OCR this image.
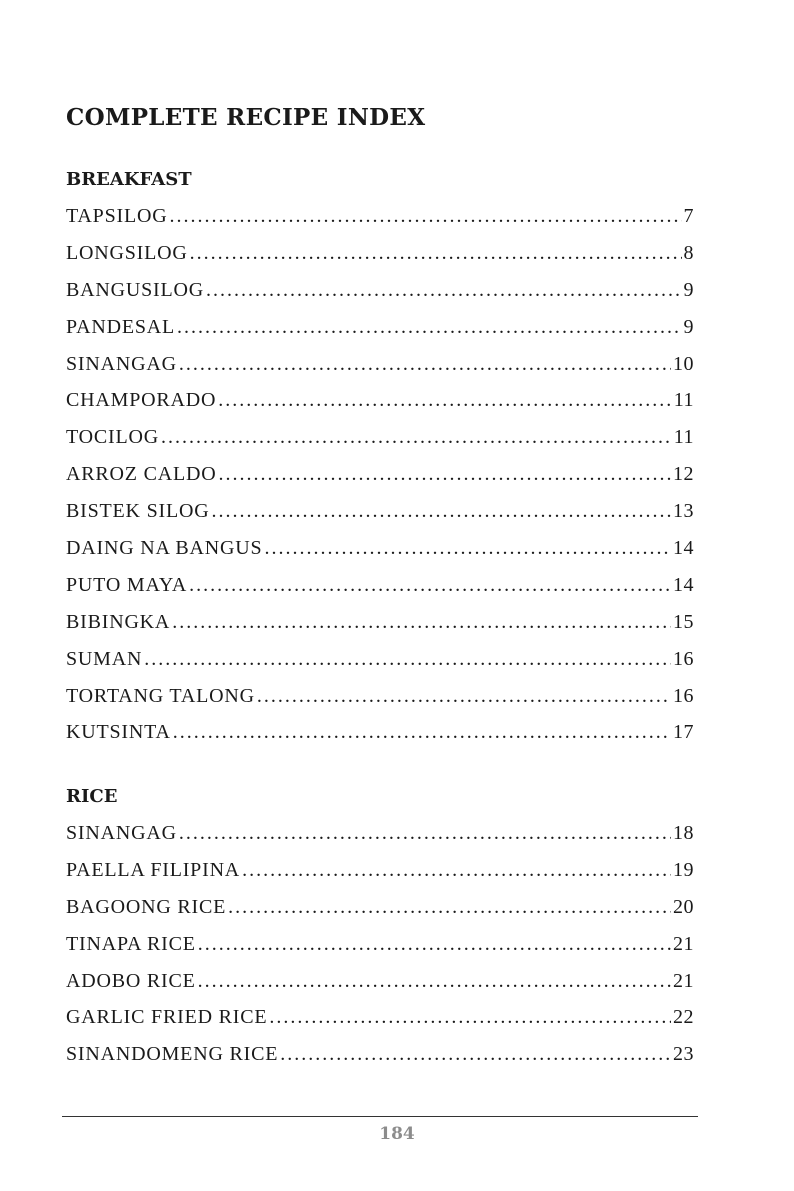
COMPLETE RECIPE INDEX
BREAKFAST
TAPSILOG . . .	7
LONGSILOG . . .	8
BANGUSILOG . . .	9
PANDESAL . . .	9
SINANGAG . . .	10
CHAMPORADO . . .	11
TOCILOG . . .	11
ARROZ CALDO . . .	12
BISTEK SILOG . . .	13
DAING NA BANGUS . . .	14
PUTO MAYA . . .	14
BIBINGKA . . .	15
SUMAN . . .	16
TORTANG TALONG . . .	16
KUTSINTA . . .	17
RICE
SINANGAG . . .	18
PAELLA FILIPINA . . .	19
BAGOONG RICE . . .	20
TINAPA RICE . . .	21
ADOBO RICE . . .	21
GARLIC FRIED RICE . . .	22
SINANDOMENG RICE . . .	23
184
